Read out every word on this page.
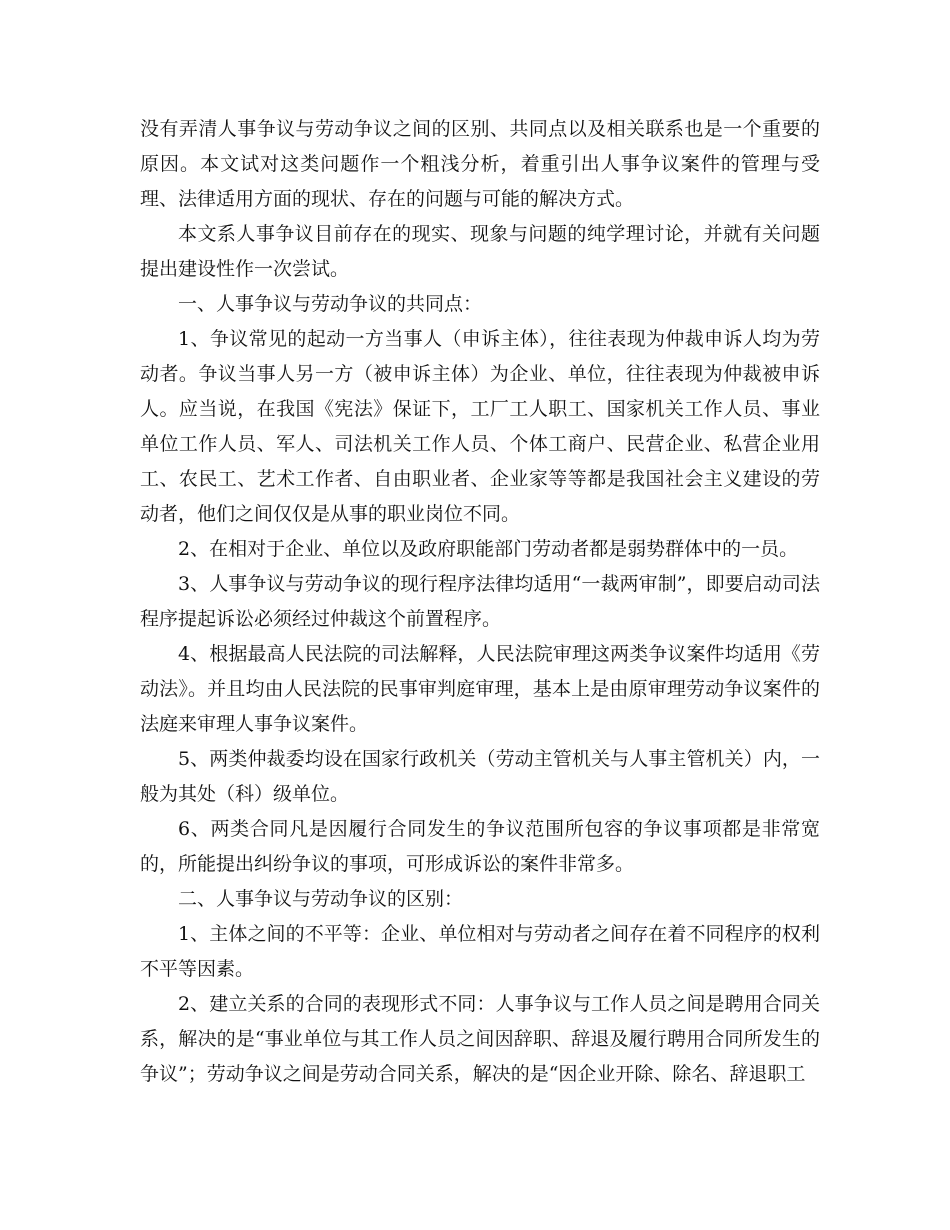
没有弄清人事争议与劳动争议之间的区别、共同点以及相关联系也是一个重要的原因。本文试对这类问题作一个粗浅分析，着重引出人事争议案件的管理与受理、法律适用方面的现状、存在的问题与可能的解决方式。

本文系人事争议目前存在的现实、现象与问题的纯学理讨论，并就有关问题提出建设性作一次尝试。

一、人事争议与劳动争议的共同点：

1、争议常见的起动一方当事人（申诉主体），往往表现为仲裁申诉人均为劳动者。争议当事人另一方（被申诉主体）为企业、单位，往往表现为仲裁被申诉人。应当说，在我国《宪法》保证下，工厂工人职工、国家机关工作人员、事业单位工作人员、军人、司法机关工作人员、个体工商户、民营企业、私营企业用工、农民工、艺术工作者、自由职业者、企业家等等都是我国社会主义建设的劳动者，他们之间仅仅是从事的职业岗位不同。

2、在相对于企业、单位以及政府职能部门劳动者都是弱势群体中的一员。

3、人事争议与劳动争议的现行程序法律均适用“一裁两审制”，即要启动司法程序提起诉讼必须经过仲裁这个前置程序。

4、根据最高人民法院的司法解释，人民法院审理这两类争议案件均适用《劳动法》。并且均由人民法院的民事审判庭审理，基本上是由原审理劳动争议案件的法庭来审理人事争议案件。

5、两类仲裁委均设在国家行政机关（劳动主管机关与人事主管机关）内，一般为其处（科）级单位。

6、两类合同凡是因履行合同发生的争议范围所包容的争议事项都是非常宽的，所能提出纠纷争议的事项，可形成诉讼的案件非常多。

二、人事争议与劳动争议的区别：

1、主体之间的不平等：企业、单位相对与劳动者之间存在着不同程序的权利不平等因素。

2、建立关系的合同的表现形式不同：人事争议与工作人员之间是聘用合同关系，解决的是“事业单位与其工作人员之间因辞职、辞退及履行聘用合同所发生的争议”；劳动争议之间是劳动合同关系，解决的是“因企业开除、除名、辞退职工
